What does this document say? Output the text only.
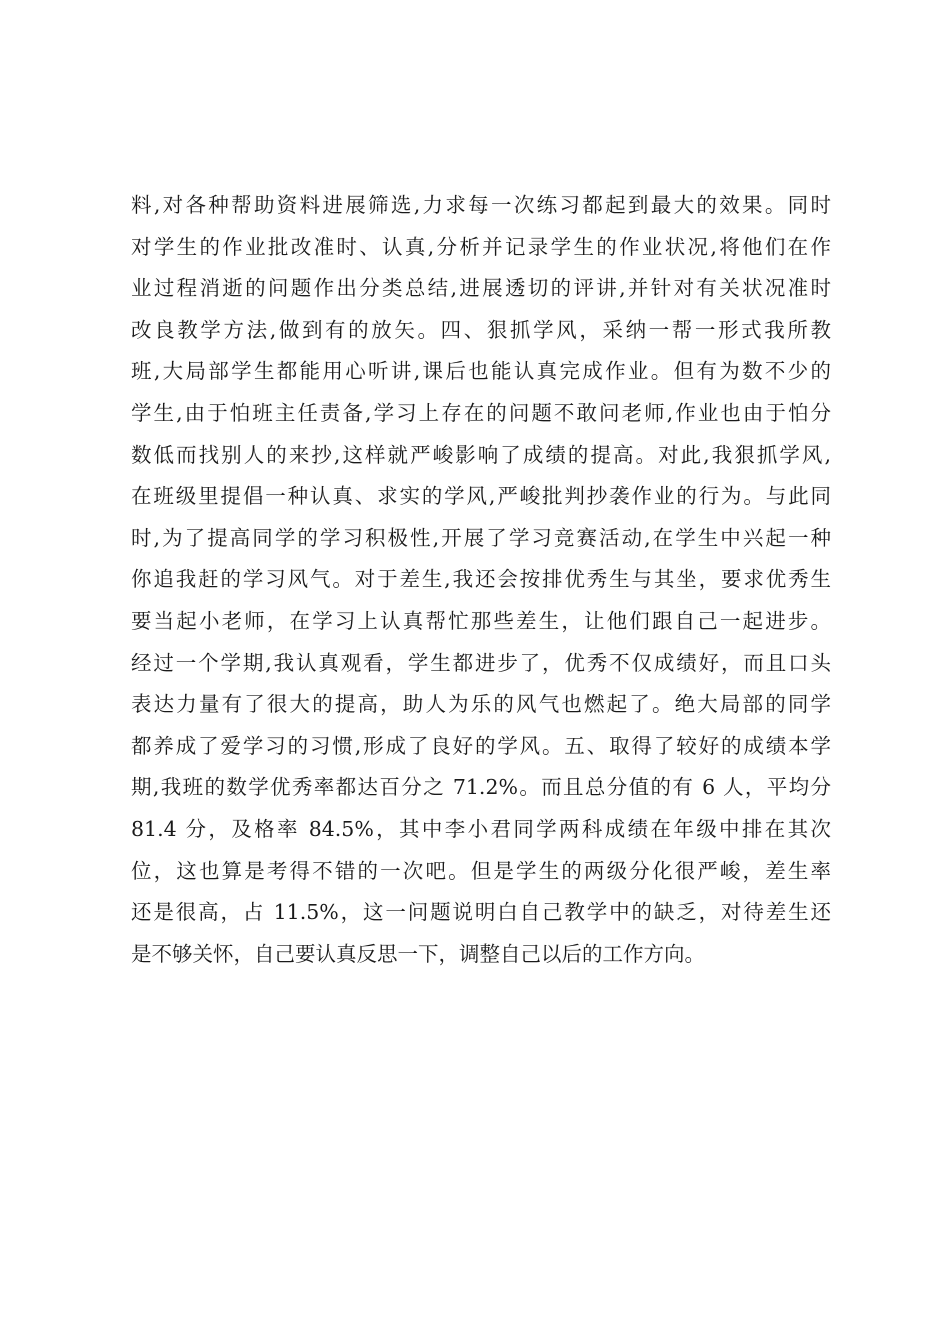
料,对各种帮助资料进展筛选,力求每一次练习都起到最大的效果。同时
对学生的作业批改准时、认真,分析并记录学生的作业状况,将他们在作
业过程消逝的问题作出分类总结,进展透切的评讲,并针对有关状况准时
改良教学方法,做到有的放矢。四、狠抓学风，采纳一帮一形式我所教
班,大局部学生都能用心听讲,课后也能认真完成作业。但有为数不少的
学生,由于怕班主任责备,学习上存在的问题不敢问老师,作业也由于怕分
数低而找别人的来抄,这样就严峻影响了成绩的提高。对此,我狠抓学风,
在班级里提倡一种认真、求实的学风,严峻批判抄袭作业的行为。与此同
时,为了提高同学的学习积极性,开展了学习竞赛活动,在学生中兴起一种
你追我赶的学习风气。对于差生,我还会按排优秀生与其坐，要求优秀生
要当起小老师，在学习上认真帮忙那些差生，让他们跟自己一起进步。
经过一个学期,我认真观看，学生都进步了，优秀不仅成绩好，而且口头
表达力量有了很大的提高，助人为乐的风气也燃起了。绝大局部的同学
都养成了爱学习的习惯,形成了良好的学风。五、取得了较好的成绩本学
期,我班的数学优秀率都达百分之 71.2%。而且总分值的有 6 人，平均分
81.4 分，及格率 84.5%，其中李小君同学两科成绩在年级中排在其次
位，这也算是考得不错的一次吧。但是学生的两级分化很严峻，差生率
还是很高，占 11.5%，这一问题说明白自己教学中的缺乏，对待差生还
是不够关怀，自己要认真反思一下，调整自己以后的工作方向。
